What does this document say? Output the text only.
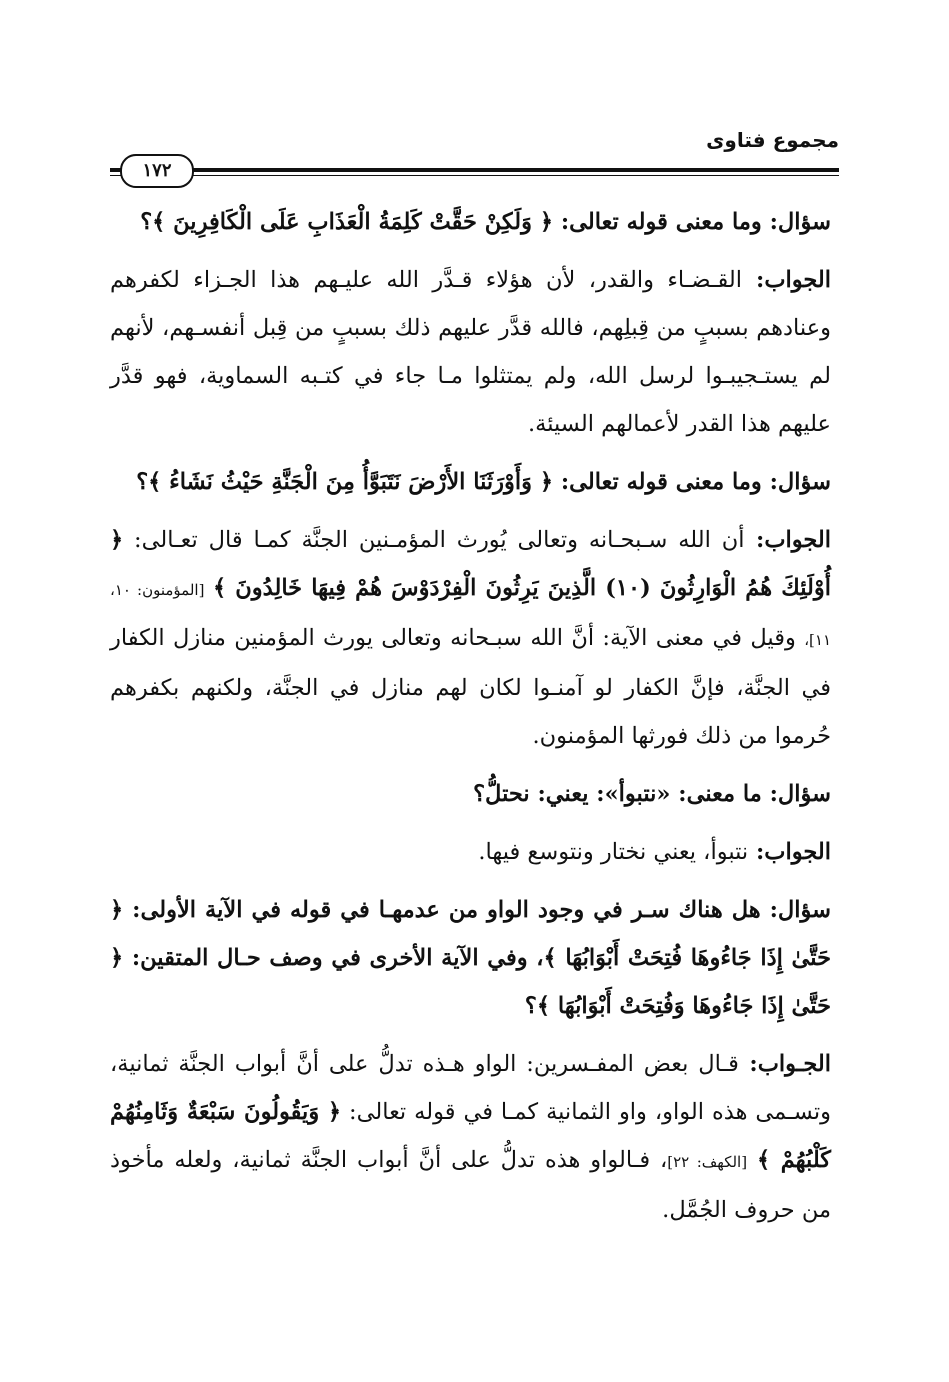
مجموع فتاوى
١٧٢

سؤال: وما معنى قوله تعالى: ﴿ وَلَكِنْ حَقَّتْ كَلِمَةُ الْعَذَابِ عَلَى الْكَافِرِينَ ﴾؟

الجواب: القـضـاء والقدر، لأن هؤلاء قـدَّر الله عليـهم هذا الجـزاء لكفرهم وعنادهم بسببٍ من قِبلِهم، فالله قدَّر عليهم ذلك بسببٍ من قِبل أنفسـهم، لأنهم لم يستـجيبـوا لرسل الله، ولم يمتثلوا مـا جاء في كتـبه السماوية، فهو قدَّر عليهم هذا القدر لأعمالهم السيئة.

سؤال: وما معنى قوله تعالى: ﴿ وَأَوْرَثَنَا الأَرْضَ نَتَبَوَّأُ مِنَ الْجَنَّةِ حَيْثُ نَشَاءُ ﴾؟

الجواب: أن الله سـبحـانه وتعالى يُورث المؤمـنين الجنَّة كمـا قال تعـالى: ﴿ أُوْلَئِكَ هُمُ الْوَارِثُونَ (١٠) الَّذِينَ يَرِثُونَ الْفِرْدَوْسَ هُمْ فِيهَا خَالِدُونَ ﴾ [المؤمنون: ١٠، ١١]، وقيل في معنى الآية: أنَّ الله سبـحانه وتعالى يورث المؤمنين منازل الكفار في الجنَّة، فإنَّ الكفار لو آمنـوا لكان لهم منازل في الجنَّة، ولكنهم بكفرهم حُرموا من ذلك فورثها المؤمنون.

سؤال: ما معنى: «نتبوأ»: يعني: نحتلُّ؟

الجواب: نتبوأ، يعني نختار ونتوسع فيها.

سؤال: هل هناك سـر في وجود الواو من عدمهـا في قوله في الآية الأولى: ﴿ حَتَّىٰ إِذَا جَاءُوهَا فُتِحَتْ أَبْوَابُهَا ﴾، وفي الآية الأخرى في وصف حـال المتقين: ﴿ حَتَّىٰ إِذَا جَاءُوهَا وَفُتِحَتْ أَبْوَابُهَا ﴾؟

الجـواب: قـال بعض المفـسرين: الواو هـذه تدلُّ على أنَّ أبواب الجنَّة ثمانية، وتسـمى هذه الواو، واو الثمانية كمـا في قوله تعالى: ﴿ وَيَقُولُونَ سَبْعَةٌ وَثَامِنُهُمْ كَلْبُهُمْ ﴾ [الكهف: ٢٢]، فـالواو هذه تدلُّ على أنَّ أبواب الجنَّة ثمانية، ولعله مأخوذ من حروف الجُمَّل.
